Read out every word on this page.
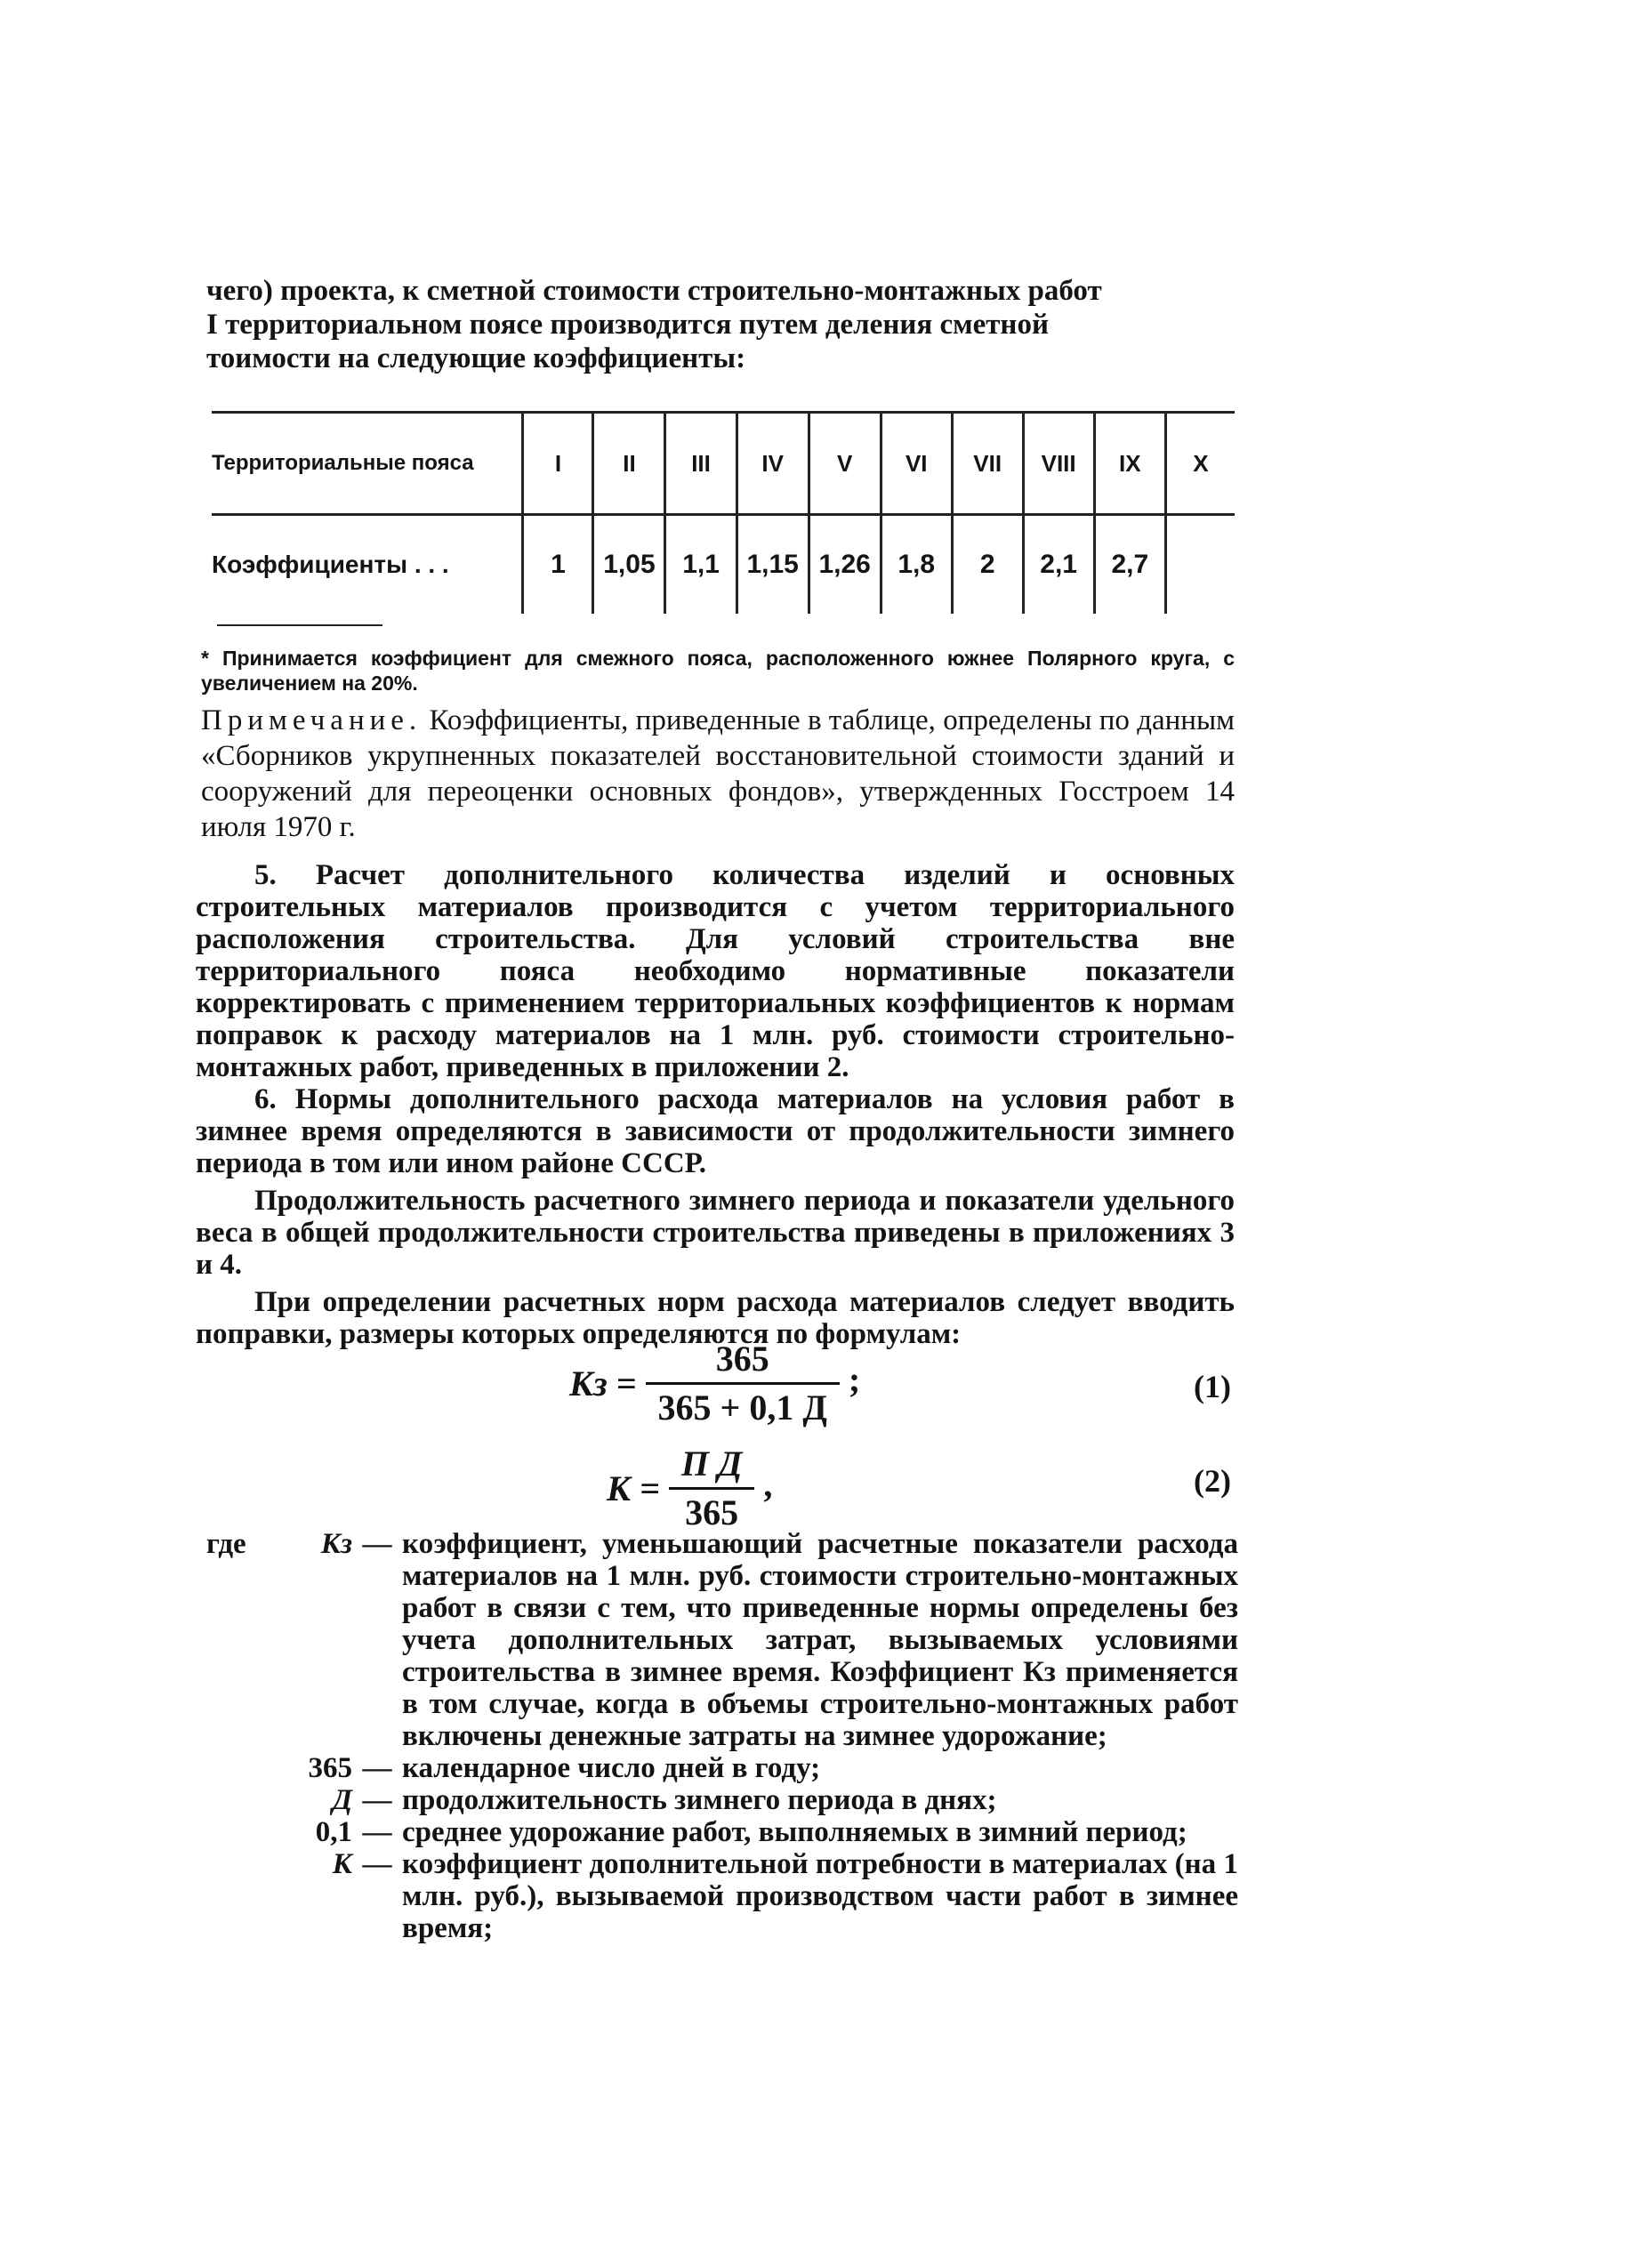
чего) проекта, к сметной стоимости строительно-монтажных работ

I территориальном поясе производится путем деления сметной

тоимости на следующие коэффициенты:

Территориальные пояса	I	II	III	IV	V	VI	VII	VIII	IX	X
Коэффициенты . . .	1	1,05	1,1	1,15	1,26	1,8	2	2,1	2,7	
* Принимается коэффициент для смежного пояса, расположенного южнее Полярного круга, с увеличением на 20%.
Примечание. Коэффициенты, приведенные в таблице, определены по данным «Сборников укрупненных показателей восстановительной стоимости зданий и сооружений для переоценки основных фондов», утвержденных Госстроем 14 июля 1970 г.

5. Расчет дополнительного количества изделий и основных строительных материалов производится с учетом территориального расположения строительства. Для условий строительства вне территориального пояса необходимо нормативные показатели корректировать с применением территориальных коэффициентов к нормам поправок к расходу материалов на 1 млн. руб. стоимости строительно-монтажных работ, приведенных в приложении 2.

6. Нормы дополнительного расхода материалов на условия работ в зимнее время определяются в зависимости от продолжительности зимнего периода в том или ином районе СССР.

Продолжительность расчетного зимнего периода и показатели удельного веса в общей продолжительности строительства приведены в приложениях 3 и 4.

При определении расчетных норм расхода материалов следует вводить поправки, размеры которых определяются по формулам:

Кз = $\frac{365}{365 + 0,1 Д}$ ;	(1)
$К = \frac{\text{П Д}}{365}$ ,	(2)
где	Кз — коэффициент, уменьшающий расчетные показатели расхода материалов на 1 млн. руб. стоимости строительно-монтажных работ в связи с тем, что приведенные нормы определены без учета дополнительных затрат, вызываемых условиями строительства в зимнее время. Коэффициент Кз применяется в том случае, когда в объемы строительно-монтажных работ включены денежные затраты на зимнее удорожание;
365 — календарное число дней в году;
Д — продолжительность зимнего периода в днях;
0,1 — среднее удорожание работ, выполняемых в зимний период;
К — коэффициент дополнительной потребности в материалах (на 1 млн. руб.), вызываемой производством части работ в зимнее время;
